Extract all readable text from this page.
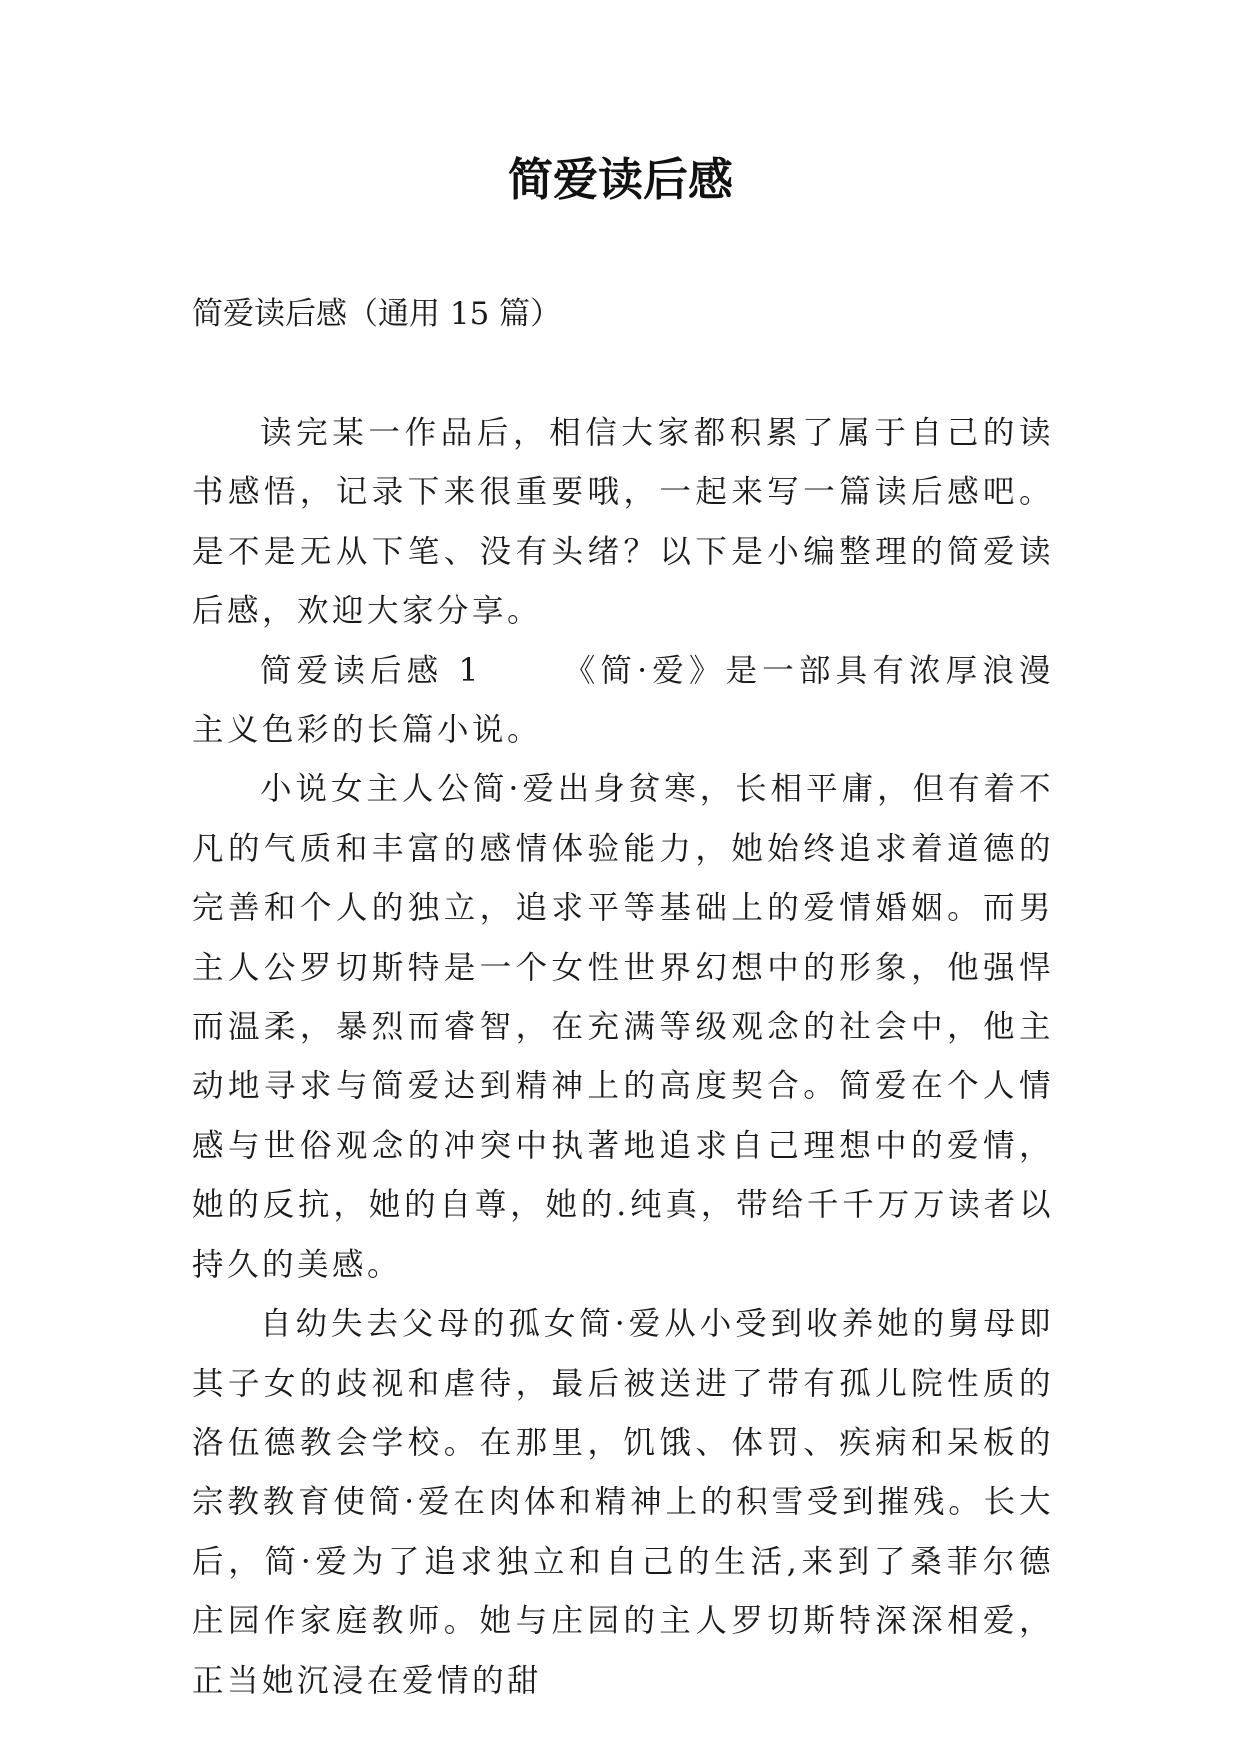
简爱读后感
简爱读后感（通用 15 篇）

读完某一作品后，相信大家都积累了属于自己的读书感悟，记录下来很重要哦，一起来写一篇读后感吧。是不是无从下笔、没有头绪？以下是小编整理的简爱读后感，欢迎大家分享。

简爱读后感 1	《简·爱》是一部具有浓厚浪漫主义色彩的长篇小说。

小说女主人公简·爱出身贫寒，长相平庸，但有着不凡的气质和丰富的感情体验能力，她始终追求着道德的完善和个人的独立，追求平等基础上的爱情婚姻。而男主人公罗切斯特是一个女性世界幻想中的形象，他强悍而温柔，暴烈而睿智，在充满等级观念的社会中，他主动地寻求与简爱达到精神上的高度契合。简爱在个人情感与世俗观念的冲突中执著地追求自己理想中的爱情，她的反抗，她的自尊，她的.纯真，带给千千万万读者以持久的美感。

自幼失去父母的孤女简·爱从小受到收养她的舅母即其子女的歧视和虐待，最后被送进了带有孤儿院性质的洛伍德教会学校。在那里，饥饿、体罚、疾病和呆板的宗教教育使简·爱在肉体和精神上的积雪受到摧残。长大后，简·爱为了追求独立和自己的生活,来到了桑菲尔德庄园作家庭教师。她与庄园的主人罗切斯特深深相爱，正当她沉浸在爱情的甜
